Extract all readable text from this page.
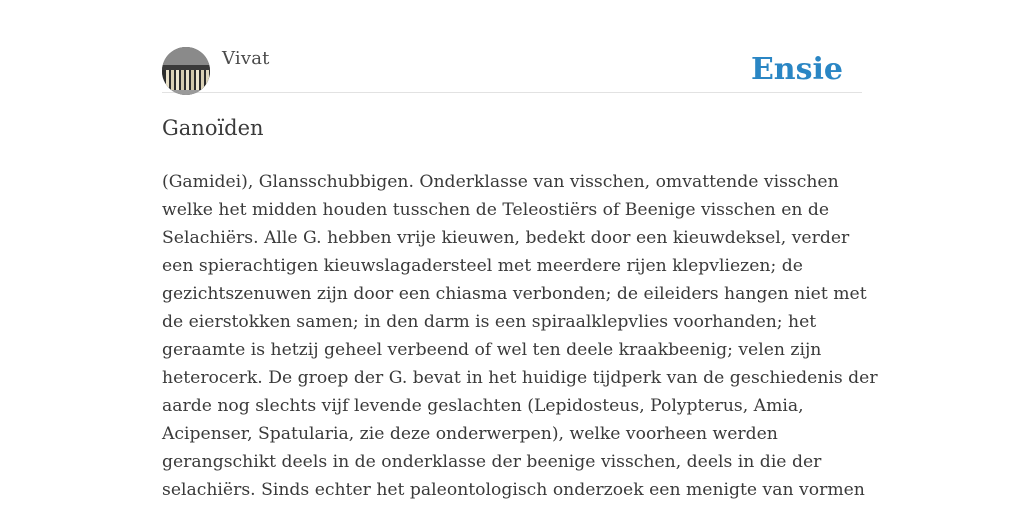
Vivat	Ensie
Ganoïden
(Gamidei), Glansschubbigen. Onderklasse van visschen, omvattende visschen
welke het midden houden tusschen de Teleostiërs of Beenige visschen en de
Selachiërs. Alle G. hebben vrije kieuwen, bedekt door een kieuwdeksel, verder
een spierachtigen kieuwslagadersteel met meerdere rijen klepvliezen; de
gezichtszenuwen zijn door een chiasma verbonden; de eileiders hangen niet met
de eierstokken samen; in den darm is een spiraalklepvlies voorhanden; het
geraamte is hetzij geheel verbeend of wel ten deele kraakbeenig; velen zijn
heterocerk. De groep der G. bevat in het huidige tijdperk van de geschiedenis der
aarde nog slechts vijf levende geslachten (Lepidosteus, Polypterus, Amia,
Acipenser, Spatularia, zie deze onderwerpen), welke voorheen werden
gerangschikt deels in de onderklasse der beenige visschen, deels in die der
selachiërs. Sinds echter het paleontologisch onderzoek een menigte van vormen
